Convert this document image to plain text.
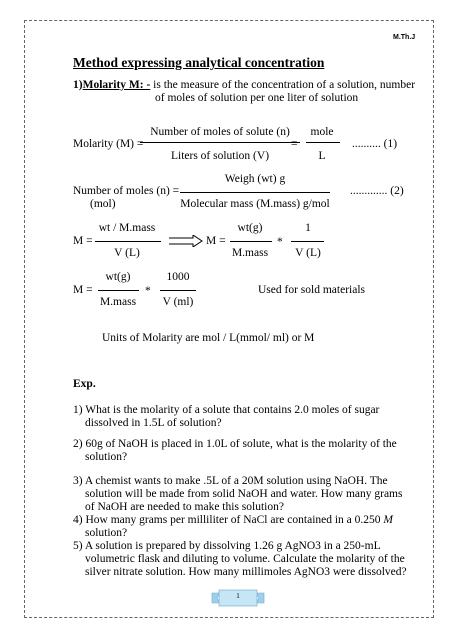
M.Th.J
Method expressing analytical concentration
1)Molarity M: - is the measure of the concentration of a solution, number
of moles of solution per one liter of solution
Molarity (M) =
Number of moles of solute (n)
Liters of solution (V)
=
mole
L
.......... (1)
Number of moles (n) =
(mol)
Weigh (wt) g
Molecular mass (M.mass) g/mol
............. (2)
M =
wt / M.mass
V (L)
M =
wt(g)
M.mass
*
1
V (L)
M =
wt(g)
M.mass
*
1000
V (ml)
Used for sold materials
Units of Molarity are mol / L(mmol/ ml) or M
Exp.
1) What is the molarity of a solute that contains 2.0 moles of sugar
dissolved in 1.5L of solution?
2) 60g of NaOH is placed in 1.0L of solute, what is the molarity of the
solution?
3) A chemist wants to make .5L of a 20M solution using NaOH. The
solution will be made from solid NaOH and water. How many grams
of NaOH are needed to make this solution?
4) How many grams per milliliter of NaCl are contained in a 0.250 M
solution?
5) A solution is prepared by dissolving 1.26 g AgNO3 in a 250-mL
volumetric flask and diluting to volume. Calculate the molarity of the
silver nitrate solution. How many millimoles AgNO3 were dissolved?
1
